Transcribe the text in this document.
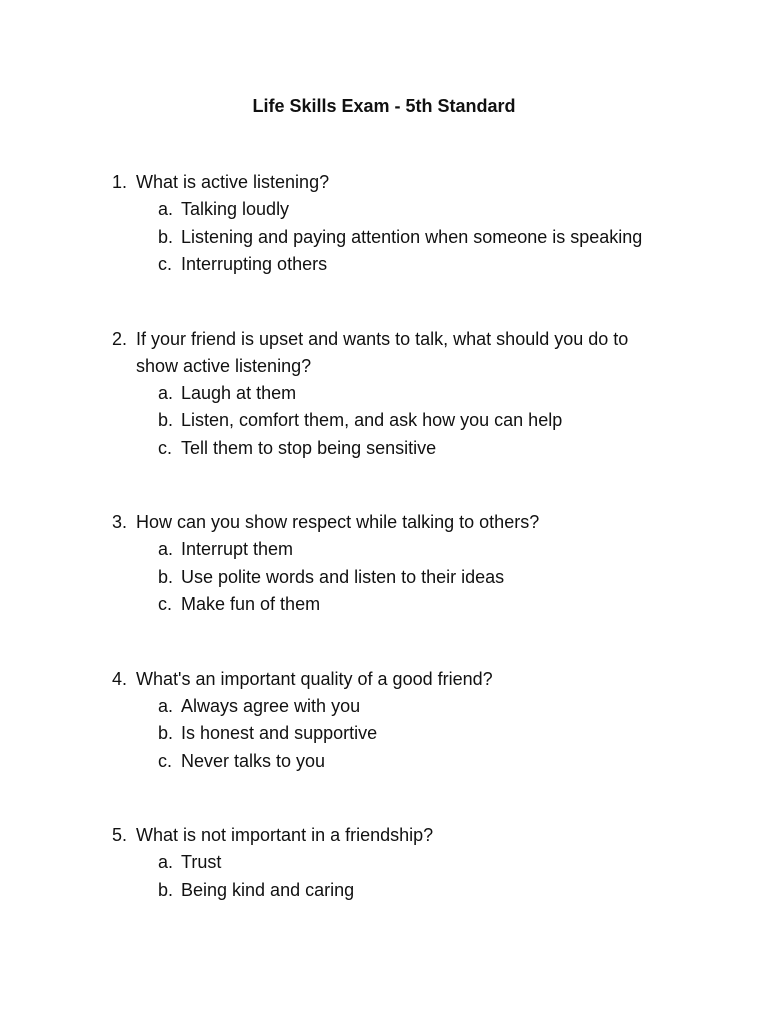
Life Skills Exam - 5th Standard
1. What is active listening?
a. Talking loudly
b. Listening and paying attention when someone is speaking
c. Interrupting others
2. If your friend is upset and wants to talk, what should you do to show active listening?
a. Laugh at them
b. Listen, comfort them, and ask how you can help
c. Tell them to stop being sensitive
3. How can you show respect while talking to others?
a. Interrupt them
b. Use polite words and listen to their ideas
c. Make fun of them
4. What's an important quality of a good friend?
a. Always agree with you
b. Is honest and supportive
c. Never talks to you
5. What is not important in a friendship?
a. Trust
b. Being kind and caring
